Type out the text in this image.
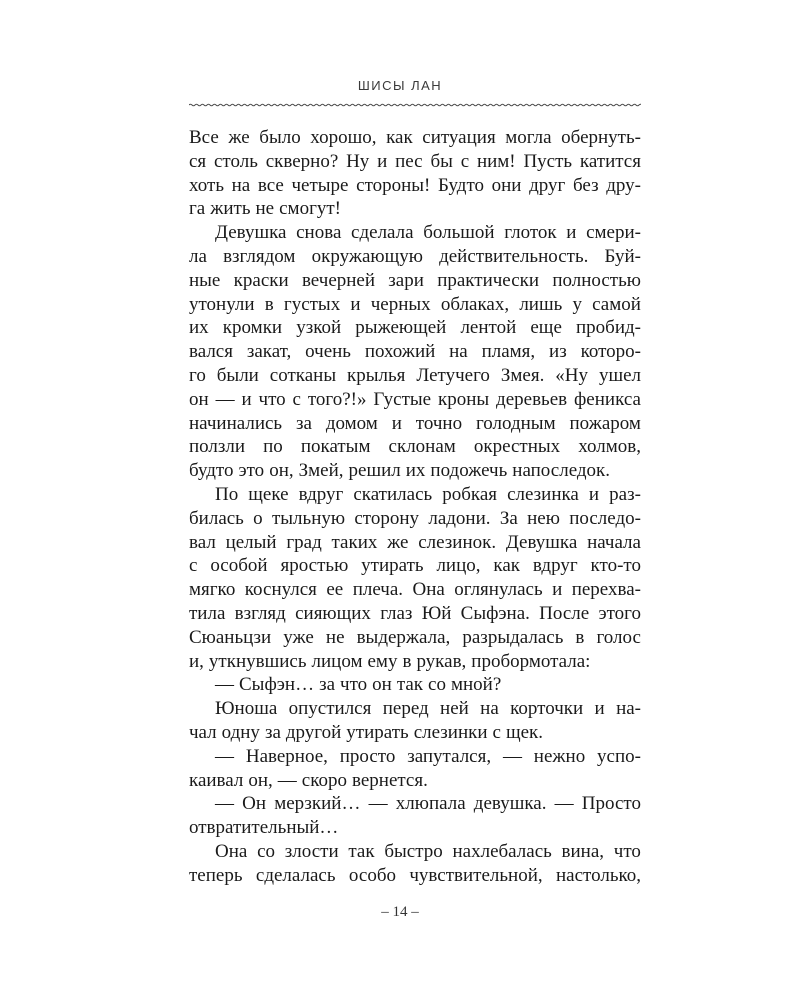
ШИСЫ ЛАН
Все же было хорошо, как ситуация могла обернуть-
ся столь скверно? Ну и пес бы с ним! Пусть катится
хоть на все четыре стороны! Будто они друг без дру-
га жить не смогут!
Девушка снова сделала большой глоток и смери-
ла взглядом окружающую действительность. Буй-
ные краски вечерней зари практически полностью
утонули в густых и черных облаках, лишь у самой
их кромки узкой рыжеющей лентой еще пробид-
вался закат, очень похожий на пламя, из которо-
го были сотканы крылья Летучего Змея. «Ну ушел
он — и что с того?!» Густые кроны деревьев феникса
начинались за домом и точно голодным пожаром
ползли по покатым склонам окрестных холмов,
будто это он, Змей, решил их подожечь напоследок.
По щеке вдруг скатилась робкая слезинка и раз-
билась о тыльную сторону ладони. За нею последо-
вал целый град таких же слезинок. Девушка начала
с особой яростью утирать лицо, как вдруг кто-то
мягко коснулся ее плеча. Она оглянулась и перехва-
тила взгляд сияющих глаз Юй Сыфэна. После этого
Сюаньцзи уже не выдержала, разрыдалась в голос
и, уткнувшись лицом ему в рукав, пробормотала:
— Сыфэн… за что он так со мной?
Юноша опустился перед ней на корточки и на-
чал одну за другой утирать слезинки с щек.
— Наверное, просто запутался, — нежно успо-
каивал он, — скоро вернется.
— Он мерзкий… — хлюпала девушка. — Просто
отвратительный…
Она со злости так быстро нахлебалась вина, что
теперь сделалась особо чувствительной, настолько,
– 14 –
